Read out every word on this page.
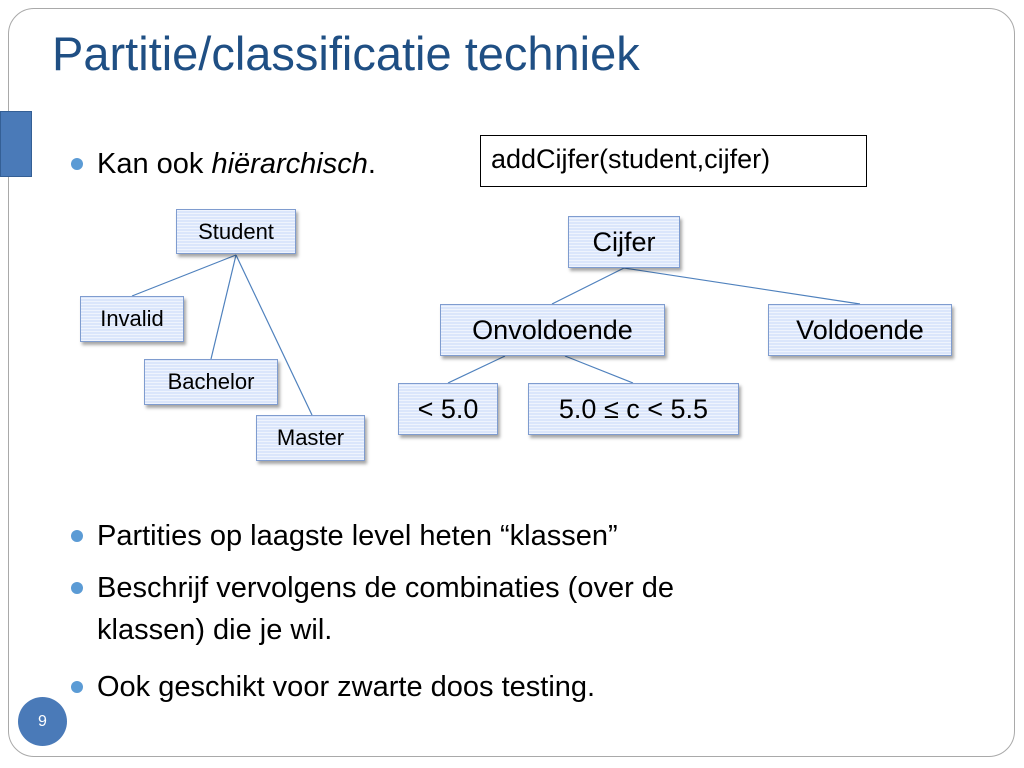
Partitie/classificatie techniek
Kan ook hiërarchisch.	addCijfer(student,cijfer)
Student
Invalid
Bachelor
Master
Cijfer
Onvoldoende	Voldoende
< 5.0	5.0 ≤ c < 5.5
Partities op laagste level heten “klassen”
Beschrijf vervolgens de combinaties (over de
klassen) die je wil.
Ook geschikt voor zwarte doos testing.
9
